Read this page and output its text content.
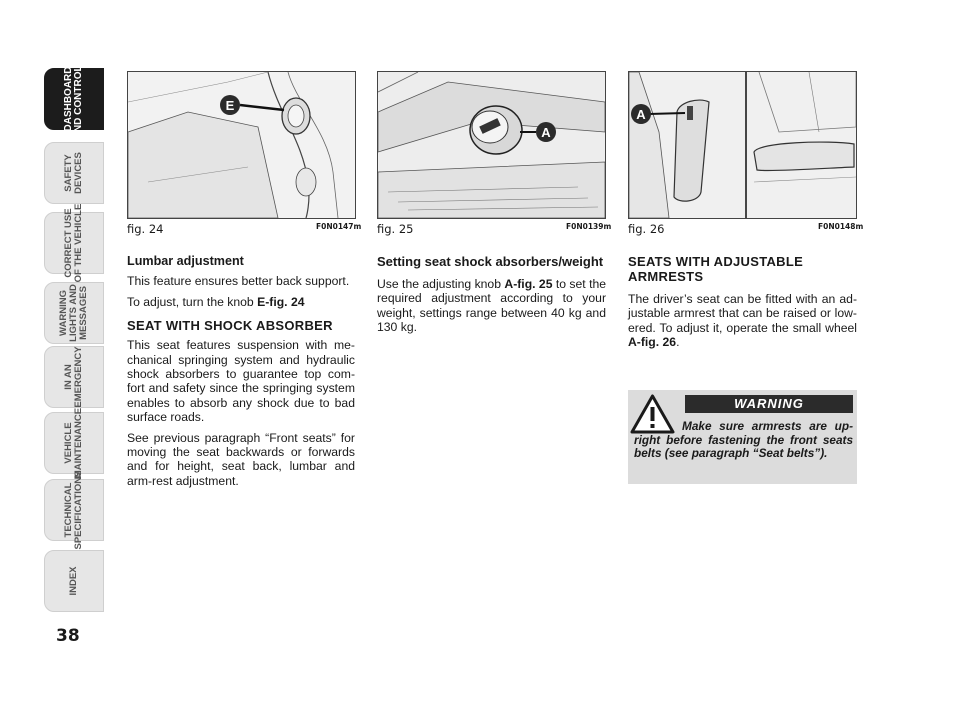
DASHBOARD
AND CONTROLS
SAFETY
DEVICES
CORRECT USE
OF THE VEHICLE
WARNING
LIGHTS AND
MESSAGES
IN AN
EMERGENCY
VEHICLE
MAINTENANCE
TECHNICAL
SPECIFICATIONS
INDEX
38
E
fig. 24	F0N0147m
A
fig. 25	F0N0139m
A
fig. 26	F0N0148m
Lumbar adjustment
This feature ensures better back support.
To adjust, turn the knob E-fig. 24
SEAT WITH SHOCK ABSORBER
This seat features suspension with me-chanical springing system and hydraulic shock absorbers to guarantee top com-fort and safety since the springing system enables to absorb any shock due to bad surface roads.
See previous paragraph “Front seats” for moving the seat backwards or forwards and for height, seat back, lumbar and arm-rest adjustment.
Setting seat shock absorbers/weight
Use the adjusting knob A-fig. 25 to set the required adjustment according to your weight, settings range between 40 kg and 130 kg.
SEATS WITH ADJUSTABLE ARMRESTS
The driver’s seat can be fitted with an ad-justable armrest that can be raised or low-ered. To adjust it, operate the small wheel A-fig. 26.
WARNING
Make sure armrests are up-right before fastening the front seats belts (see paragraph “Seat belts”).
